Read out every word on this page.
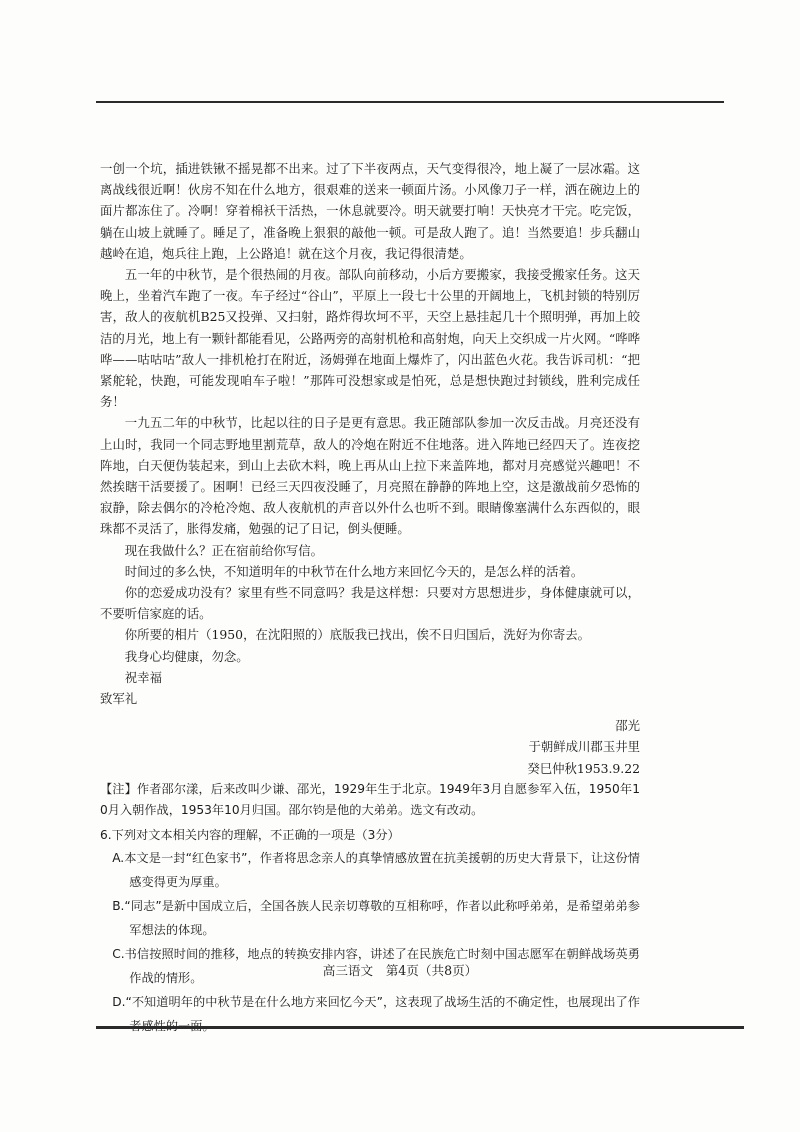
一创一个坑，插进铁锹不摇晃都不出来。过了下半夜两点，天气变得很冷，地上凝了一层冰霜。这离战线很近啊！伙房不知在什么地方，很艰难的送来一顿面片汤。小风像刀子一样，洒在碗边上的面片都冻住了。冷啊！穿着棉袄干活热，一休息就要冷。明天就要打响！天快亮才干完。吃完饭，躺在山坡上就睡了。睡足了，准备晚上狠狠的敲他一顿。可是敌人跑了。追！当然要追！步兵翻山越岭在追，炮兵往上跑，上公路追！就在这个月夜，我记得很清楚。

五一年的中秋节，是个很热闹的月夜。部队向前移动，小后方要搬家，我接受搬家任务。这天晚上，坐着汽车跑了一夜。车子经过“谷山”，平原上一段七十公里的开阔地上，飞机封锁的特别厉害，敌人的夜航机B25又投弹、又扫射，路炸得坎坷不平，天空上悬挂起几十个照明弹，再加上皎洁的月光，地上有一颗针都能看见，公路两旁的高射机枪和高射炮，向天上交织成一片火网。“哗哗哗——咕咕咕”敌人一排机枪打在附近，汤姆弹在地面上爆炸了，闪出蓝色火花。我告诉司机：“把紧舵轮，快跑，可能发现咱车子啦！”那阵可没想家或是怕死，总是想快跑过封锁线，胜利完成任务！

一九五二年的中秋节，比起以往的日子是更有意思。我正随部队参加一次反击战。月亮还没有上山时，我同一个同志野地里割荒草，敌人的冷炮在附近不住地落。进入阵地已经四天了。连夜挖阵地，白天便伪装起来，到山上去砍木料，晚上再从山上拉下来盖阵地，都对月亮感觉兴趣吧！不然挨瞎干活要援了。困啊！已经三天四夜没睡了，月亮照在静静的阵地上空，这是激战前夕恐怖的寂静，除去偶尔的冷枪冷炮、敌人夜航机的声音以外什么也听不到。眼睛像塞满什么东西似的，眼珠都不灵活了，胀得发痛，勉强的记了日记，倒头便睡。

现在我做什么？正在宿前给你写信。

时间过的多么快，不知道明年的中秋节在什么地方来回忆今天的，是怎么样的活着。

你的恋爱成功没有？家里有些不同意吗？我是这样想：只要对方思想进步，身体健康就可以，不要听信家庭的话。

你所要的相片（1950，在沈阳照的）底版我已找出，俟不日归国后，洗好为你寄去。

我身心均健康，勿念。

祝幸福

致军礼

邵光
于朝鲜成川郡玉井里
癸巳仲秋1953.9.22

【注】作者邵尔漾，后来改叫少谦、邵光，1929年生于北京。1949年3月自愿参军入伍，1950年10月入朝作战，1953年10月归国。邵尔钧是他的大弟弟。选文有改动。

6.下列对文本相关内容的理解，不正确的一项是（3分）

A.本文是一封“红色家书”，作者将思念亲人的真挚情感放置在抗美援朝的历史大背景下，让这份情感变得更为厚重。

B.“同志”是新中国成立后，全国各族人民亲切尊敬的互相称呼，作者以此称呼弟弟，是希望弟弟参军想法的体现。

C.书信按照时间的推移，地点的转换安排内容，讲述了在民族危亡时刻中国志愿军在朝鲜战场英勇作战的情形。

D.“不知道明年的中秋节是在什么地方来回忆今天”，这表现了战场生活的不确定性，也展现出了作

高三语文　第4页（共8页）
